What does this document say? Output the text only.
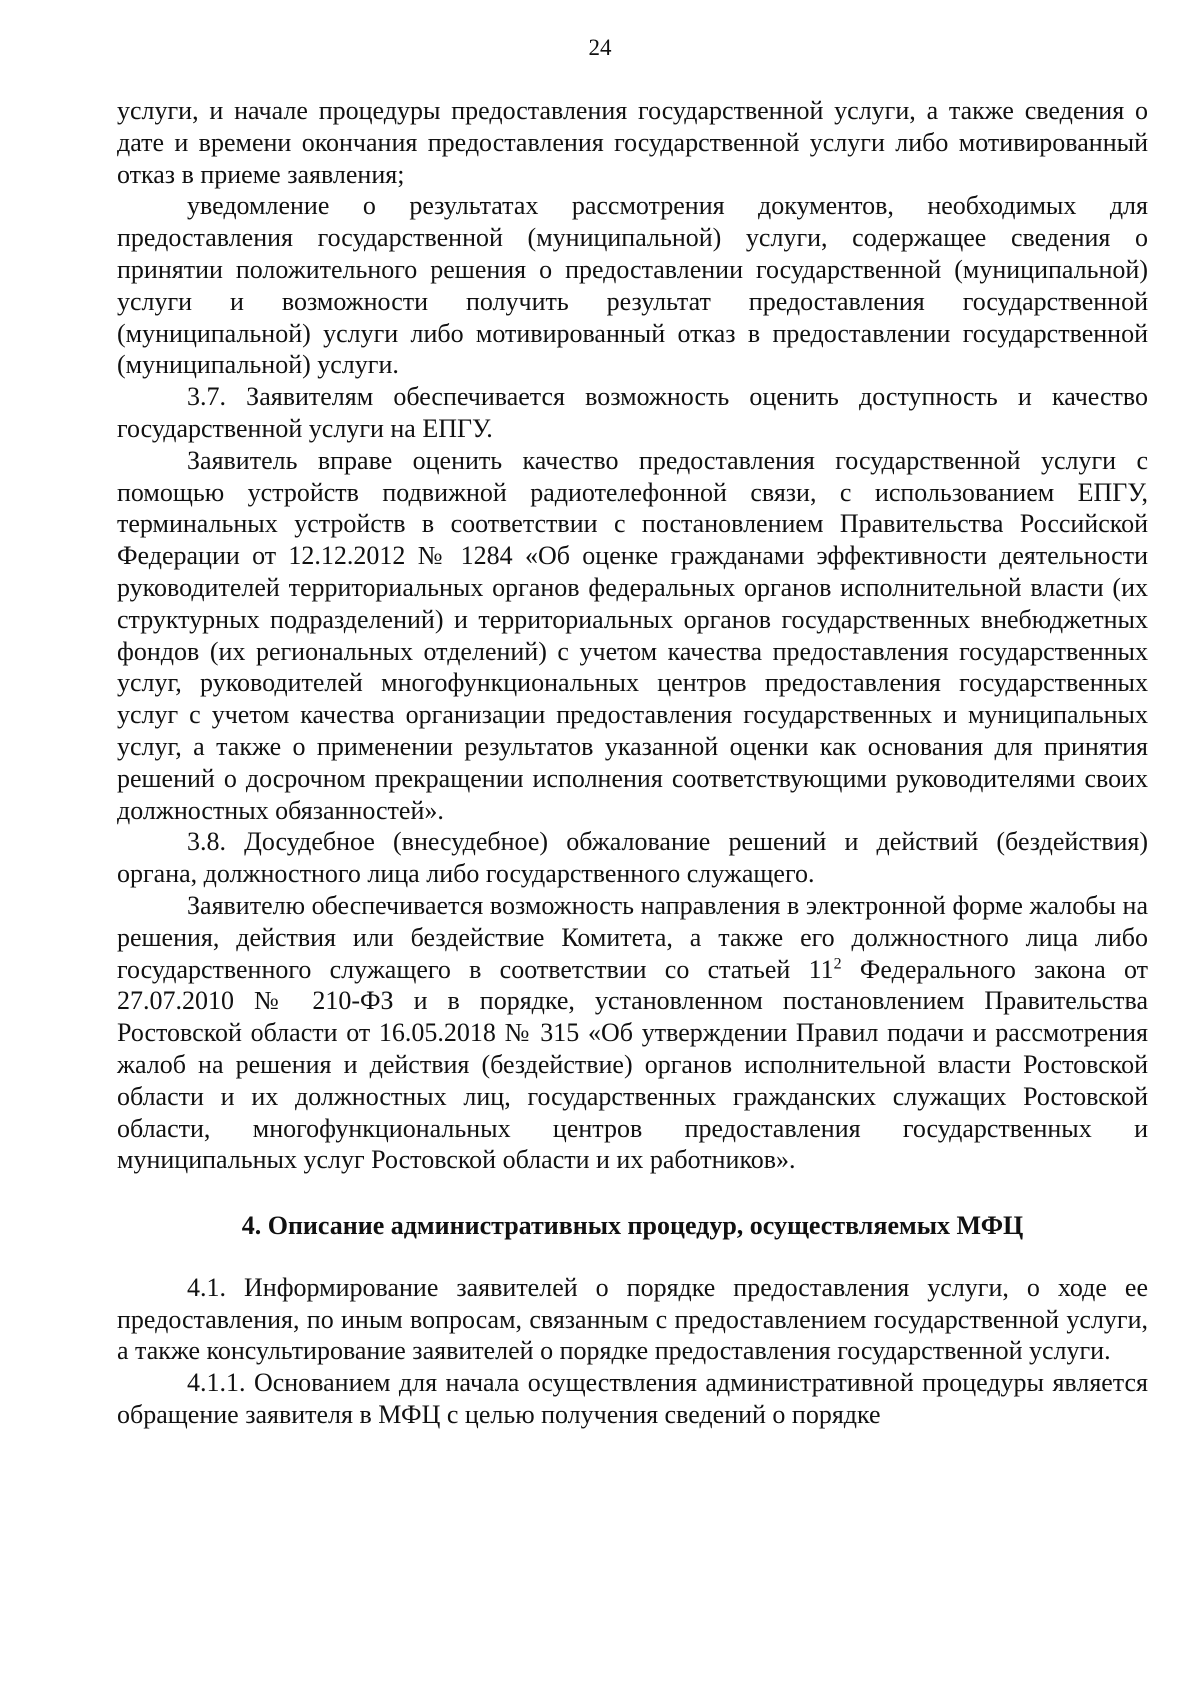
24

услуги, и начале процедуры предоставления государственной услуги, а также сведения о дате и времени окончания предоставления государственной услуги либо мотивированный отказ в приеме заявления;

уведомление о результатах рассмотрения документов, необходимых для предоставления государственной (муниципальной) услуги, содержащее сведения о принятии положительного решения о предоставлении государственной (муниципальной) услуги и возможности получить результат предоставления государственной (муниципальной) услуги либо мотивированный отказ в предоставлении государственной (муниципальной) услуги.

3.7. Заявителям обеспечивается возможность оценить доступность и качество государственной услуги на ЕПГУ.

Заявитель вправе оценить качество предоставления государственной услуги с помощью устройств подвижной радиотелефонной связи, с использованием ЕПГУ, терминальных устройств в соответствии с постановлением Правительства Российской Федерации от 12.12.2012 № 1284 «Об оценке гражданами эффективности деятельности руководителей территориальных органов федеральных органов исполнительной власти (их структурных подразделений) и территориальных органов государственных внебюджетных фондов (их региональных отделений) с учетом качества предоставления государственных услуг, руководителей многофункциональных центров предоставления государственных услуг с учетом качества организации предоставления государственных и муниципальных услуг, а также о применении результатов указанной оценки как основания для принятия решений о досрочном прекращении исполнения соответствующими руководителями своих должностных обязанностей».

3.8. Досудебное (внесудебное) обжалование решений и действий (бездействия) органа, должностного лица либо государственного служащего.

Заявителю обеспечивается возможность направления в электронной форме жалобы на решения, действия или бездействие Комитета, а также его должностного лица либо государственного служащего в соответствии со статьей $11^2$ Федерального закона от 27.07.2010 № 210-ФЗ и в порядке, установленном постановлением Правительства Ростовской области от 16.05.2018 № 315 «Об утверждении Правил подачи и рассмотрения жалоб на решения и действия (бездействие) органов исполнительной власти Ростовской области и их должностных лиц, государственных гражданских служащих Ростовской области, многофункциональных центров предоставления государственных и муниципальных услуг Ростовской области и их работников».

4. Описание административных процедур, осуществляемых МФЦ

4.1. Информирование заявителей о порядке предоставления услуги, о ходе ее предоставления, по иным вопросам, связанным с предоставлением государственной услуги, а также консультирование заявителей о порядке предоставления государственной услуги.

4.1.1. Основанием для начала осуществления административной процедуры является обращение заявителя в МФЦ с целью получения сведений о порядке
